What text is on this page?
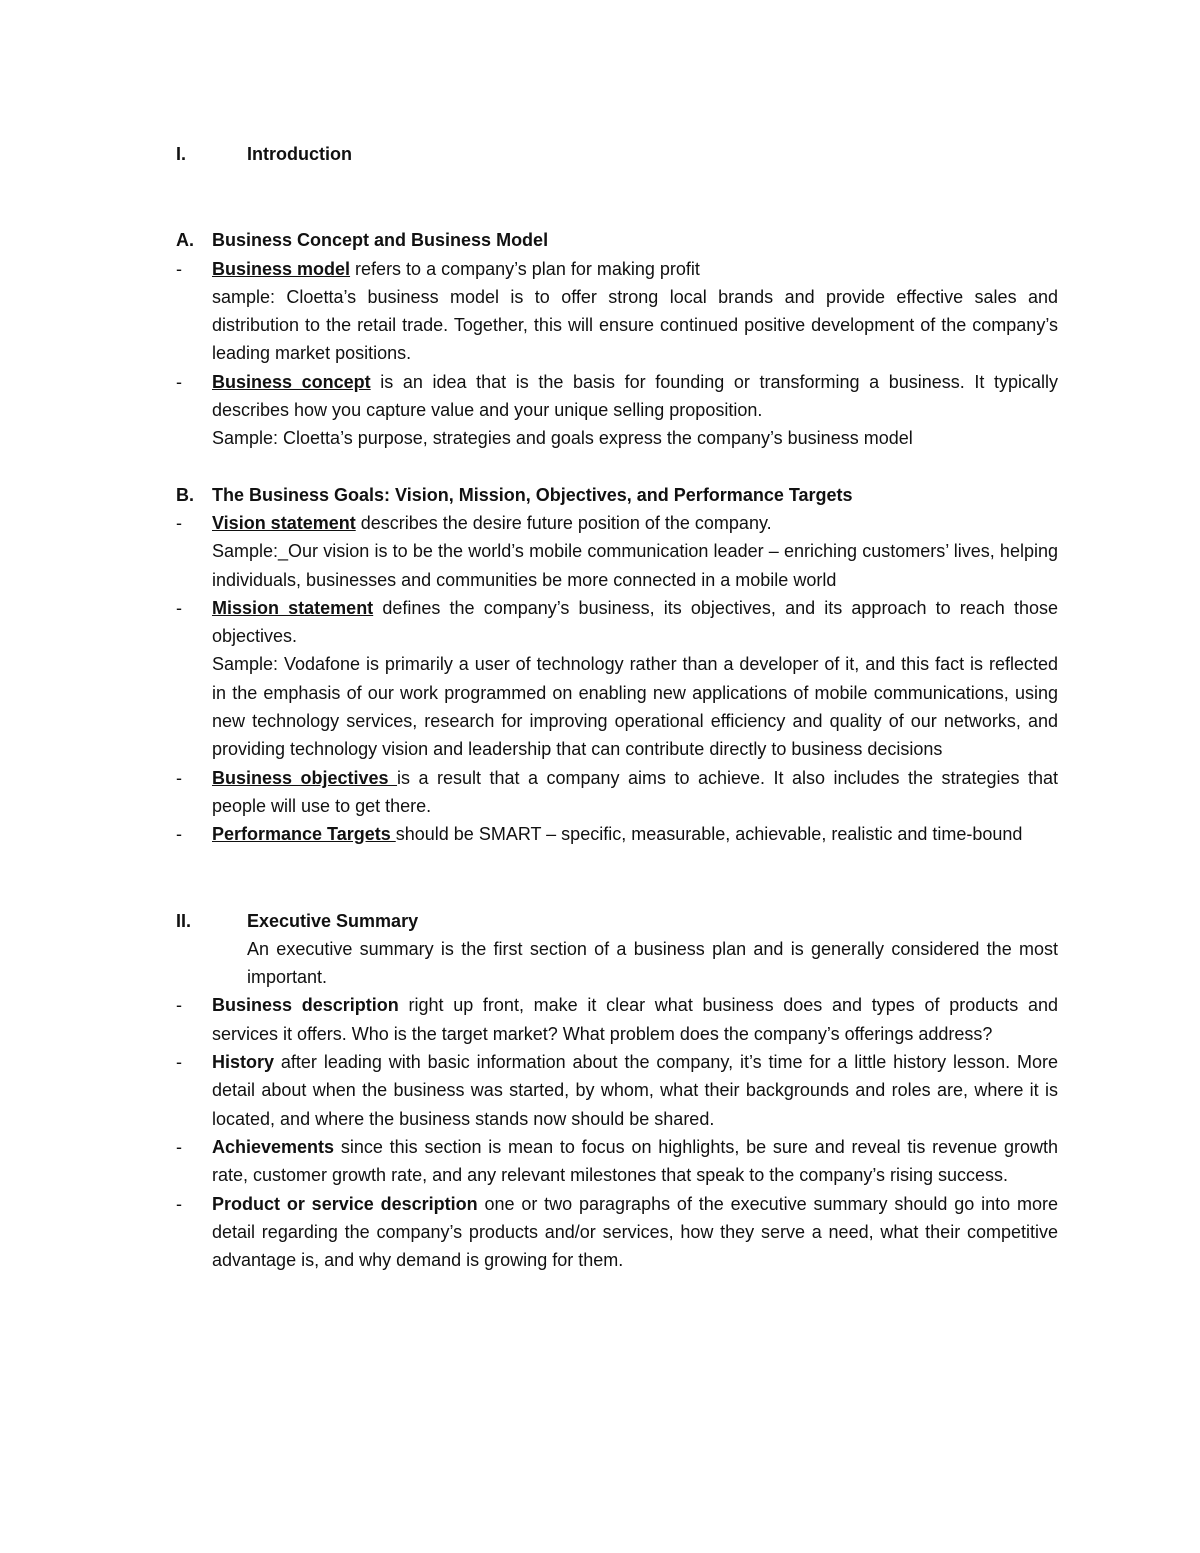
I.	Introduction
A.	Business Concept and Business Model
-	Business model refers to a company’s plan for making profit
sample: Cloetta’s business model is to offer strong local brands and provide effective sales and distribution to the retail trade. Together, this will ensure continued positive development of the company’s leading market positions.
-	Business concept is an idea that is the basis for founding or transforming a business. It typically describes how you capture value and your unique selling proposition.
Sample: Cloetta’s purpose, strategies and goals express the company’s business model
B.	The Business Goals: Vision, Mission, Objectives, and Performance Targets
-	Vision statement describes the desire future position of the company.
Sample:_Our vision is to be the world’s mobile communication leader – enriching customers’ lives, helping individuals, businesses and communities be more connected in a mobile world
-	Mission statement defines the company’s business, its objectives, and its approach to reach those objectives.
Sample: Vodafone is primarily a user of technology rather than a developer of it, and this fact is reflected in the emphasis of our work programmed on enabling new applications of mobile communications, using new technology services, research for improving operational efficiency and quality of our networks, and providing technology vision and leadership that can contribute directly to business decisions
-	Business objectives is a result that a company aims to achieve. It also includes the strategies that people will use to get there.
-	Performance Targets should be SMART – specific, measurable, achievable, realistic and time-bound
II.	Executive Summary
An executive summary is the first section of a business plan and is generally considered the most important.
-	Business description right up front, make it clear what business does and types of products and services it offers. Who is the target market? What problem does the company’s offerings address?
-	History after leading with basic information about the company, it’s time for a little history lesson. More detail about when the business was started, by whom, what their backgrounds and roles are, where it is located, and where the business stands now should be shared.
-	Achievements since this section is mean to focus on highlights, be sure and reveal tis revenue growth rate, customer growth rate, and any relevant milestones that speak to the company’s rising success.
-	Product or service description one or two paragraphs of the executive summary should go into more detail regarding the company’s products and/or services, how they serve a need, what their competitive advantage is, and why demand is growing for them.
